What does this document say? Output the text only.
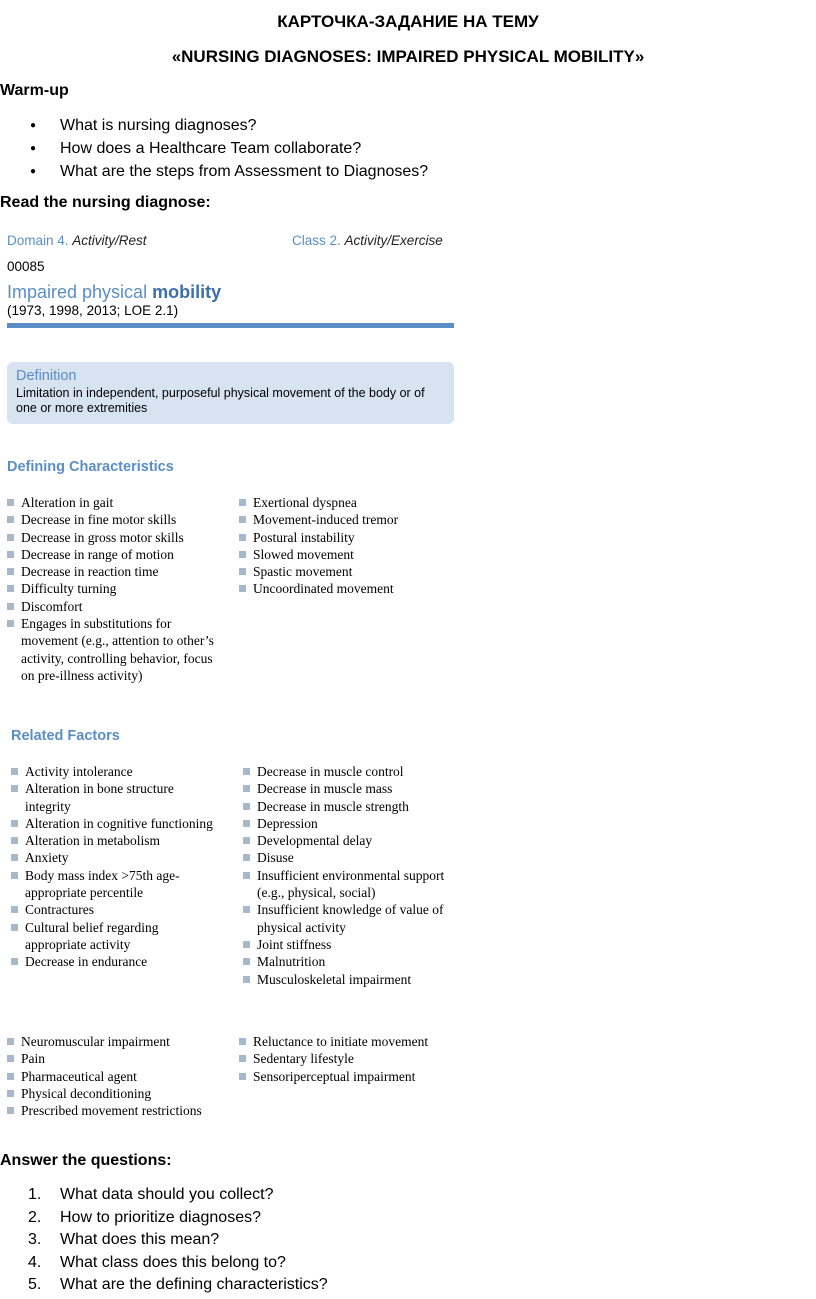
КАРТОЧКА-ЗАДАНИЕ НА ТЕМУ
«NURSING DIAGNOSES: IMPAIRED PHYSICAL MOBILITY»
Warm-up
● What is nursing diagnoses?
● How does a Healthcare Team collaborate?
● What are the steps from Assessment to Diagnoses?
Read the nursing diagnose:
Domain 4. Activity/Rest	Class 2. Activity/Exercise
00085
Impaired physical mobility
(1973, 1998, 2013; LOE 2.1)
Definition
Limitation in independent, purposeful physical movement of the body or of one or more extremities
Defining Characteristics
Alteration in gait
Decrease in fine motor skills
Decrease in gross motor skills
Decrease in range of motion
Decrease in reaction time
Difficulty turning
Discomfort
Engages in substitutions for movement (e.g., attention to other’s activity, controlling behavior, focus on pre-illness activity)
Exertional dyspnea
Movement-induced tremor
Postural instability
Slowed movement
Spastic movement
Uncoordinated movement
Related Factors
Activity intolerance
Alteration in bone structure integrity
Alteration in cognitive functioning
Alteration in metabolism
Anxiety
Body mass index >75th age-appropriate percentile
Contractures
Cultural belief regarding appropriate activity
Decrease in endurance
Decrease in muscle control
Decrease in muscle mass
Decrease in muscle strength
Depression
Developmental delay
Disuse
Insufficient environmental support (e.g., physical, social)
Insufficient knowledge of value of physical activity
Joint stiffness
Malnutrition
Musculoskeletal impairment
Neuromuscular impairment
Pain
Pharmaceutical agent
Physical deconditioning
Prescribed movement restrictions
Reluctance to initiate movement
Sedentary lifestyle
Sensoriperceptual impairment
Answer the questions:
1. What data should you collect?
2. How to prioritize diagnoses?
3. What does this mean?
4. What class does this belong to?
5. What are the defining characteristics?
